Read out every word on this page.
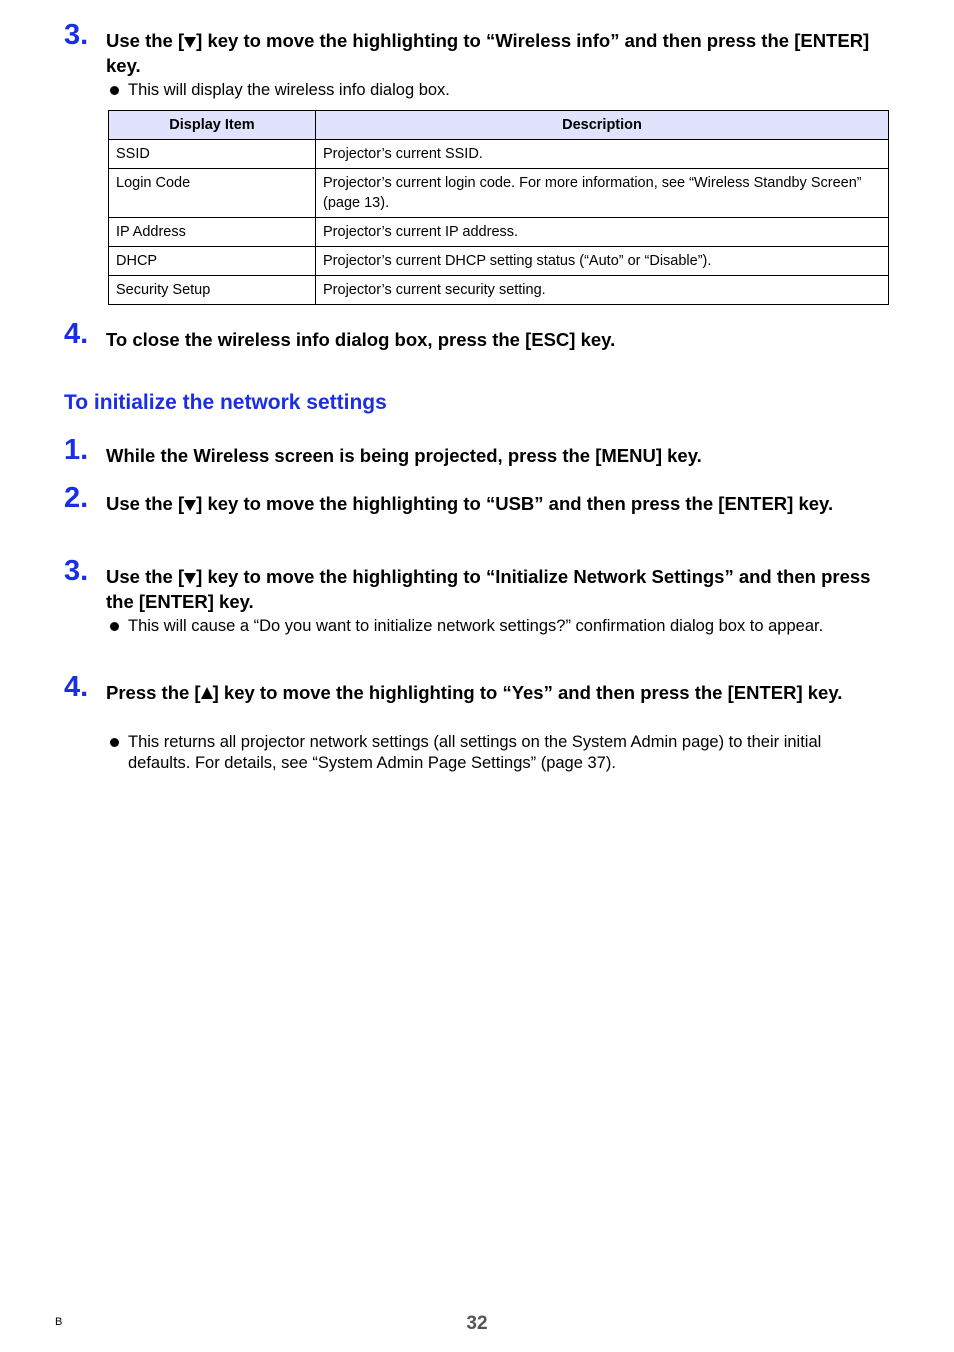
3. Use the [ ] key to move the highlighting to “Wireless info” and then press the [ENTER] key.
This will display the wireless info dialog box.
Display Item	Description
SSID	Projector’s current SSID.
Login Code	Projector’s current login code. For more information, see “Wireless Standby Screen” (page 13).
IP Address	Projector’s current IP address.
DHCP	Projector’s current DHCP setting status (“Auto” or “Disable”).
Security Setup	Projector’s current security setting.
4. To close the wireless info dialog box, press the [ESC] key.
To initialize the network settings
1. While the Wireless screen is being projected, press the [MENU] key.
2. Use the [ ] key to move the highlighting to “USB” and then press the [ENTER] key.
3. Use the [ ] key to move the highlighting to “Initialize Network Settings” and then press the [ENTER] key.
This will cause a “Do you want to initialize network settings?” confirmation dialog box to appear.
4. Press the [ ] key to move the highlighting to “Yes” and then press the [ENTER] key.
This returns all projector network settings (all settings on the System Admin page) to their initial defaults. For details, see “System Admin Page Settings” (page 37).
B	32
